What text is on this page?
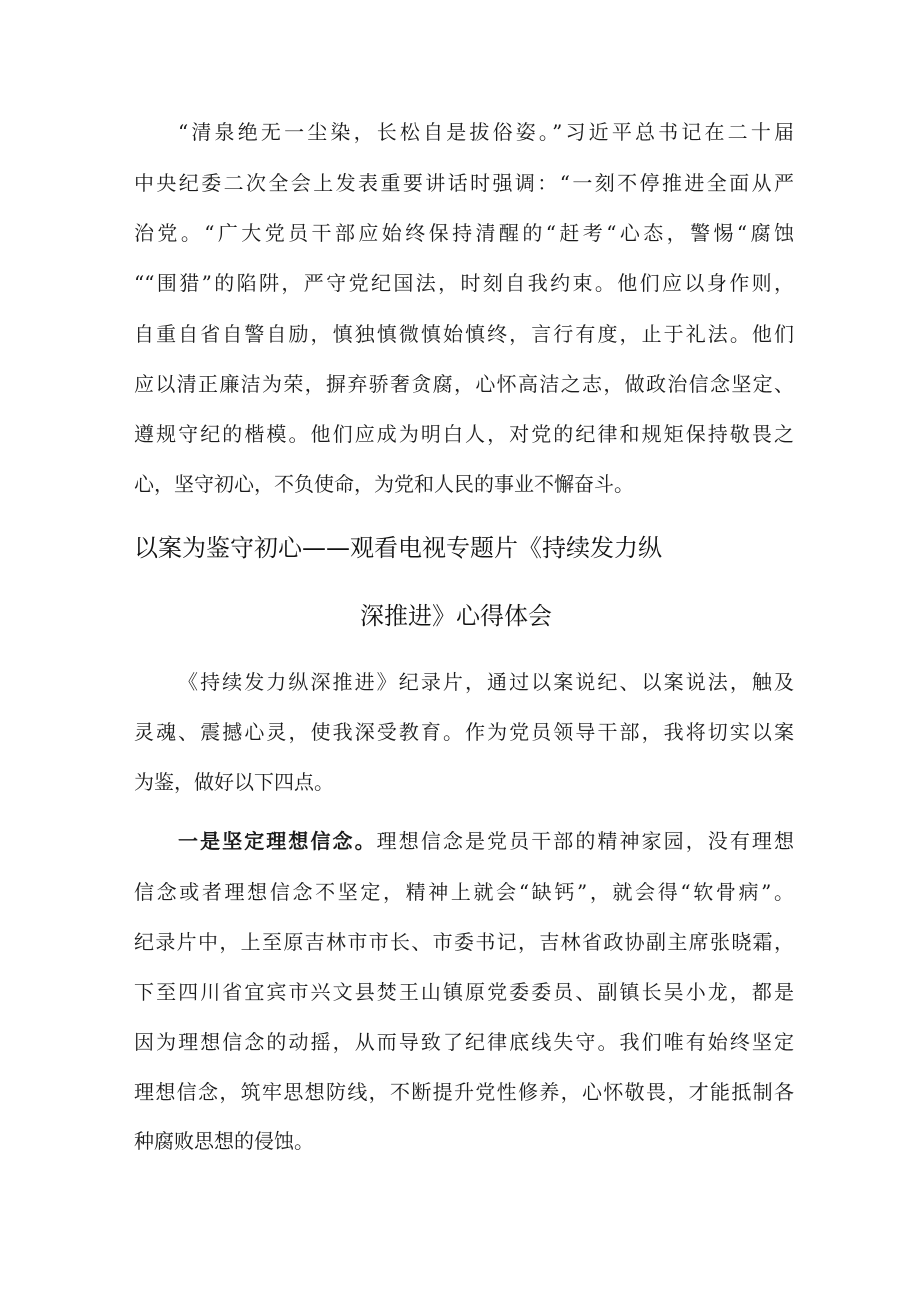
“清泉绝无一尘染，长松自是拔俗姿。”习近平总书记在二十届
中央纪委二次全会上发表重要讲话时强调：“一刻不停推进全面从严
治党。“广大党员干部应始终保持清醒的“赶考“心态，警惕“腐蚀
““围猎”的陷阱，严守党纪国法，时刻自我约束。他们应以身作则，
自重自省自警自励，慎独慎微慎始慎终，言行有度，止于礼法。他们
应以清正廉洁为荣，摒弃骄奢贪腐，心怀高洁之志，做政治信念坚定、
遵规守纪的楷模。他们应成为明白人，对党的纪律和规矩保持敬畏之
心，坚守初心，不负使命，为党和人民的事业不懈奋斗。
以案为鉴守初心——观看电视专题片《持续发力纵
深推进》心得体会
《持续发力纵深推进》纪录片，通过以案说纪、以案说法，触及
灵魂、震撼心灵，使我深受教育。作为党员领导干部，我将切实以案
为鉴，做好以下四点。
一是坚定理想信念。理想信念是党员干部的精神家园，没有理想
信念或者理想信念不坚定，精神上就会“缺钙”，就会得“软骨病”。
纪录片中，上至原吉林市市长、市委书记，吉林省政协副主席张晓霜，
下至四川省宜宾市兴文县焚王山镇原党委委员、副镇长吴小龙，都是
因为理想信念的动摇，从而导致了纪律底线失守。我们唯有始终坚定
理想信念，筑牢思想防线，不断提升党性修养，心怀敬畏，才能抵制各
种腐败思想的侵蚀。
